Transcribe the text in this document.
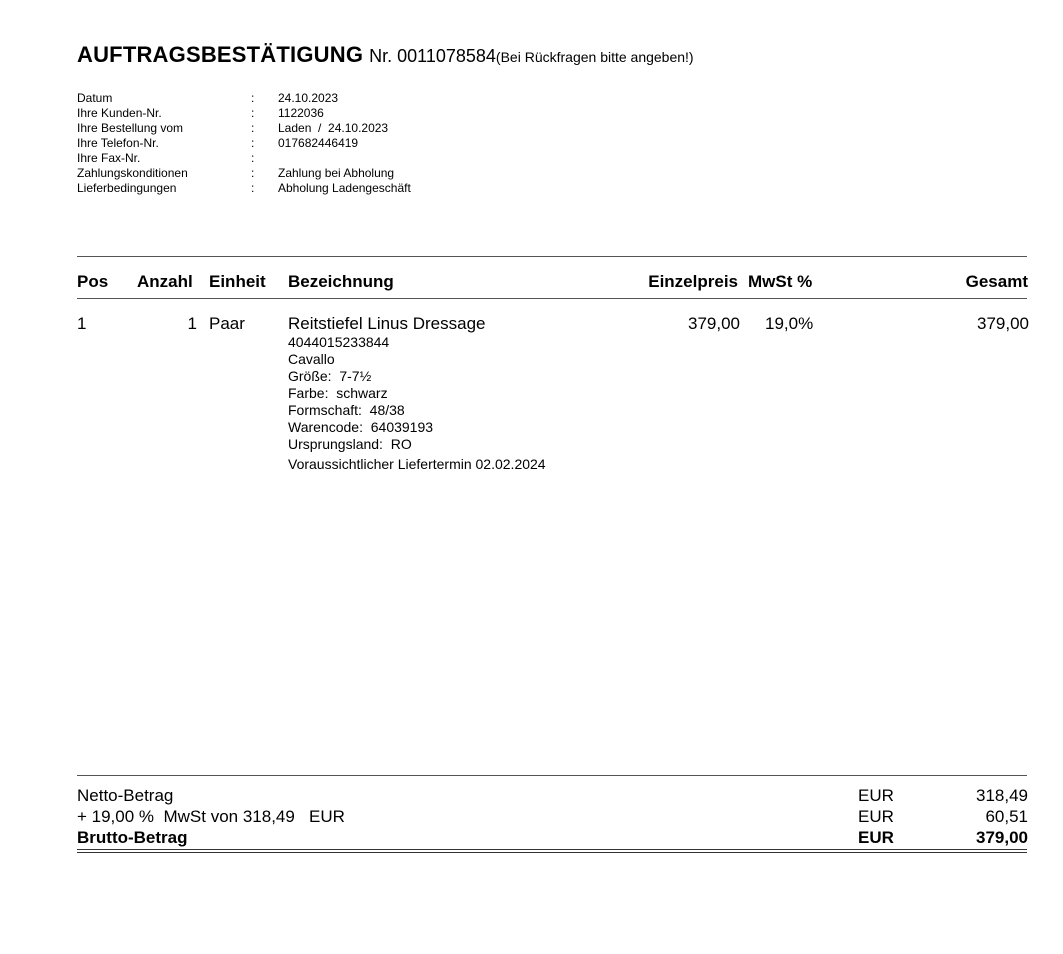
AUFTRAGSBESTÄTIGUNG Nr. 0011078584(Bei Rückfragen bitte angeben!)
Datum	: 24.10.2023
Ihre Kunden-Nr.	: 1122036
Ihre Bestellung vom	: Laden  /  24.10.2023
Ihre Telefon-Nr.	: 017682446419
Ihre Fax-Nr.	:
Zahlungskonditionen	: Zahlung bei Abholung
Lieferbedingungen	: Abholung Ladengeschäft
Pos Anzahl Einheit Bezeichnung	Einzelpreis MwSt %	Gesamt
1	1 Paar	Reitstiefel Linus Dressage	379,00 19,0%	379,00
4044015233844
Cavallo
Größe:  7-7½
Farbe:  schwarz
Formschaft:  48/38
Warencode:  64039193
Ursprungsland:  RO
Voraussichtlicher Liefertermin 02.02.2024
Netto-Betrag	EUR	318,49
+ 19,00 %  MwSt von 318,49   EUR	EUR	60,51
Brutto-Betrag	EUR	379,00
